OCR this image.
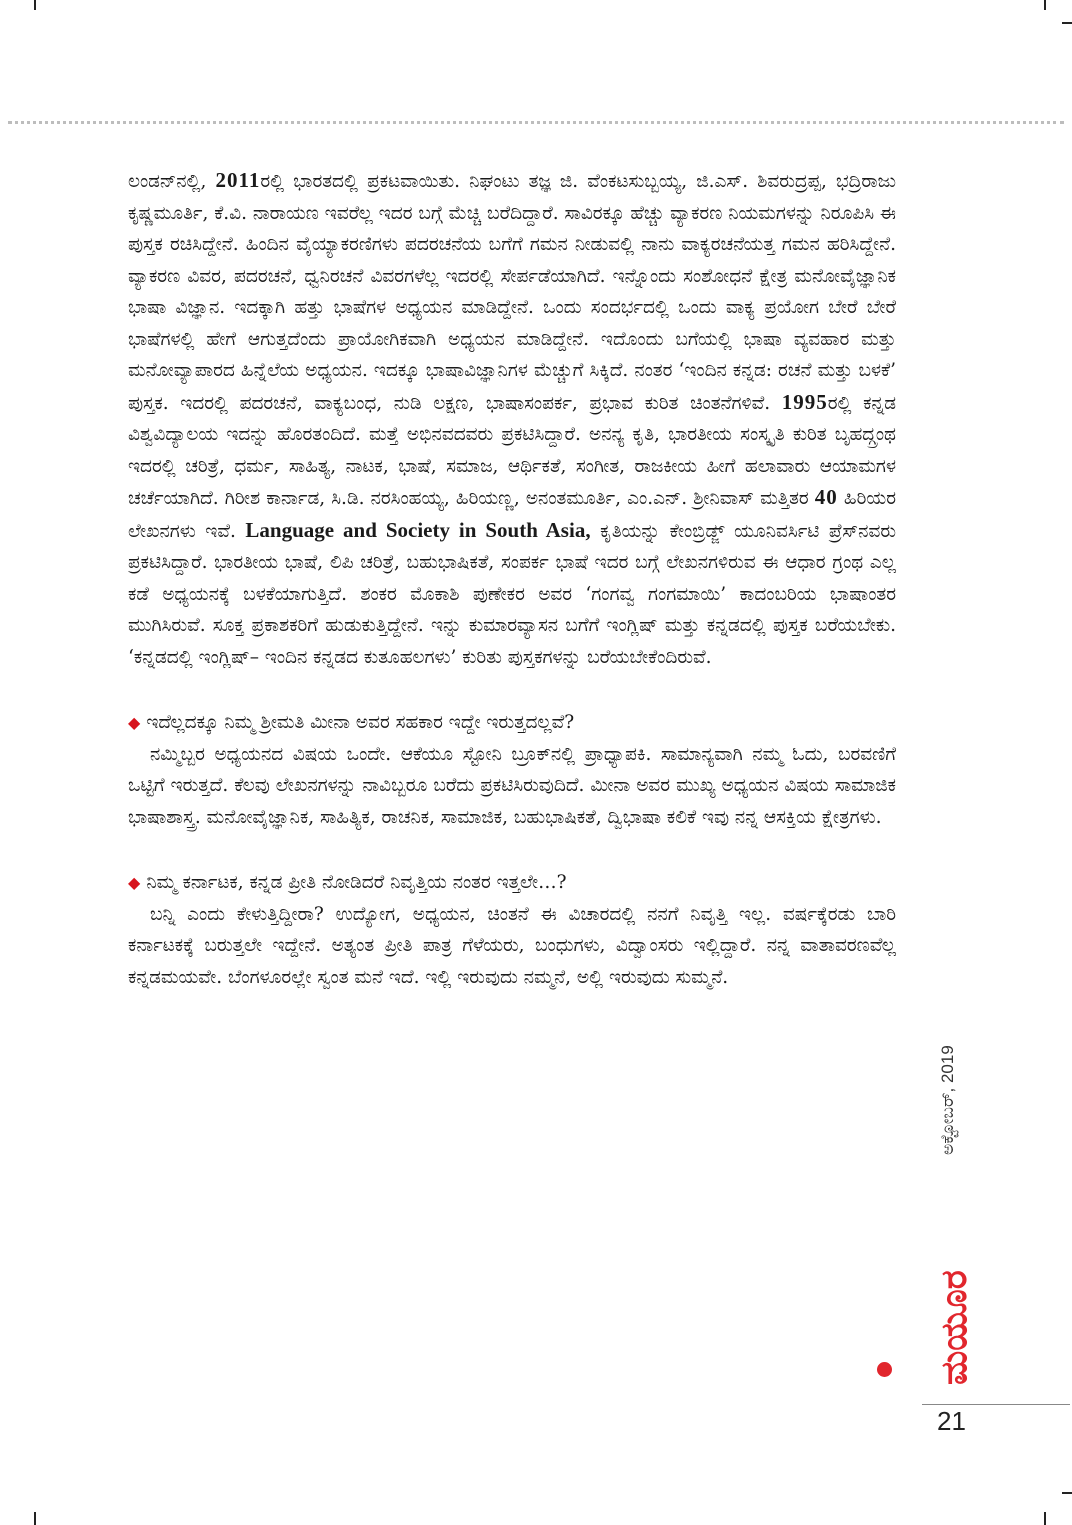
ಲಂಡನ್‌ನಲ್ಲಿ, 2011ರಲ್ಲಿ ಭಾರತದಲ್ಲಿ ಪ್ರಕಟವಾಯಿತು. ನಿಘಂಟು ತಜ್ಞ ಜಿ. ವೆಂಕಟಸುಬ್ಬಯ್ಯ, ಜಿ.ಎಸ್. ಶಿವರುದ್ರಪ್ಪ, ಭದ್ರಿರಾಜು ಕೃಷ್ಣಮೂರ್ತಿ, ಕೆ.ವಿ. ನಾರಾಯಣ ಇವರೆಲ್ಲ ಇದರ ಬಗ್ಗೆ ಮೆಚ್ಚಿ ಬರೆದಿದ್ದಾರೆ. ಸಾವಿರಕ್ಕೂ ಹೆಚ್ಚು ವ್ಯಾಕರಣ ನಿಯಮಗಳನ್ನು ನಿರೂಪಿಸಿ ಈ ಪುಸ್ತಕ ರಚಿಸಿದ್ದೇನೆ. ಹಿಂದಿನ ವೈಯ್ಯಾಕರಣಿಗಳು ಪದರಚನೆಯ ಬಗೆಗೆ ಗಮನ ನೀಡುವಲ್ಲಿ ನಾನು ವಾಕ್ಯರಚನೆಯತ್ತ ಗಮನ ಹರಿಸಿದ್ದೇನೆ. ವ್ಯಾಕರಣ ವಿವರ, ಪದರಚನೆ, ಧ್ವನಿರಚನೆ ವಿವರಗಳೆಲ್ಲ ಇದರಲ್ಲಿ ಸೇರ್ಪಡೆಯಾಗಿದೆ. ಇನ್ನೊಂದು ಸಂಶೋಧನೆ ಕ್ಷೇತ್ರ ಮನೋವೈಜ್ಞಾನಿಕ ಭಾಷಾ ವಿಜ್ಞಾನ. ಇದಕ್ಕಾಗಿ ಹತ್ತು ಭಾಷೆಗಳ ಅಧ್ಯಯನ ಮಾಡಿದ್ದೇನೆ. ಒಂದು ಸಂದರ್ಭದಲ್ಲಿ ಒಂದು ವಾಕ್ಯ ಪ್ರಯೋಗ ಬೇರೆ ಬೇರೆ ಭಾಷೆಗಳಲ್ಲಿ ಹೇಗೆ ಆಗುತ್ತದೆಂದು ಪ್ರಾಯೋಗಿಕವಾಗಿ ಅಧ್ಯಯನ ಮಾಡಿದ್ದೇನೆ. ಇದೊಂದು ಬಗೆಯಲ್ಲಿ ಭಾಷಾ ವ್ಯವಹಾರ ಮತ್ತು ಮನೋವ್ಯಾಪಾರದ ಹಿನ್ನೆಲೆಯ ಅಧ್ಯಯನ. ಇದಕ್ಕೂ ಭಾಷಾವಿಜ್ಞಾನಿಗಳ ಮೆಚ್ಚುಗೆ ಸಿಕ್ಕಿದೆ. ನಂತರ ‘ಇಂದಿನ ಕನ್ನಡ: ರಚನೆ ಮತ್ತು ಬಳಕೆ’ ಪುಸ್ತಕ. ಇದರಲ್ಲಿ ಪದರಚನೆ, ವಾಕ್ಯಬಂಧ, ನುಡಿ ಲಕ್ಷಣ, ಭಾಷಾಸಂಪರ್ಕ, ಪ್ರಭಾವ ಕುರಿತ ಚಿಂತನೆಗಳಿವೆ. 1995ರಲ್ಲಿ ಕನ್ನಡ ವಿಶ್ವವಿದ್ಯಾಲಯ ಇದನ್ನು ಹೊರತಂದಿದೆ. ಮತ್ತೆ ಅಭಿನವದವರು ಪ್ರಕಟಿಸಿದ್ದಾರೆ. ಅನನ್ಯ ಕೃತಿ, ಭಾರತೀಯ ಸಂಸ್ಕೃತಿ ಕುರಿತ ಬೃಹದ್ಗ್ರಂಥ ಇದರಲ್ಲಿ ಚರಿತ್ರೆ, ಧರ್ಮ, ಸಾಹಿತ್ಯ, ನಾಟಕ, ಭಾಷೆ, ಸಮಾಜ, ಆರ್ಥಿಕತೆ, ಸಂಗೀತ, ರಾಜಕೀಯ ಹೀಗೆ ಹಲಾವಾರು ಆಯಾಮಗಳ ಚರ್ಚೆಯಾಗಿದೆ. ಗಿರೀಶ ಕಾರ್ನಾಡ, ಸಿ.ಡಿ. ನರಸಿಂಹಯ್ಯ, ಹಿರಿಯಣ್ಣ, ಅನಂತಮೂರ್ತಿ, ಎಂ.ಎನ್. ಶ್ರೀನಿವಾಸ್ ಮತ್ತಿತರ 40 ಹಿರಿಯರ ಲೇಖನಗಳು ಇವೆ. Language and Society in South Asia, ಕೃತಿಯನ್ನು ಕೇಂಬ್ರಿಡ್ಜ್ ಯೂನಿವರ್ಸಿಟಿ ಪ್ರೆಸ್‌ನವರು ಪ್ರಕಟಿಸಿದ್ದಾರೆ. ಭಾರತೀಯ ಭಾಷೆ, ಲಿಪಿ ಚರಿತ್ರೆ, ಬಹುಭಾಷಿಕತೆ, ಸಂಪರ್ಕ ಭಾಷೆ ಇದರ ಬಗ್ಗೆ ಲೇಖನಗಳಿರುವ ಈ ಆಧಾರ ಗ್ರಂಥ ಎಲ್ಲ ಕಡೆ ಅಧ್ಯಯನಕ್ಕೆ ಬಳಕೆಯಾಗುತ್ತಿದೆ. ಶಂಕರ ಮೊಕಾಶಿ ಪುಣೇಕರ ಅವರ ‘ಗಂಗವ್ವ ಗಂಗಮಾಯಿ’ ಕಾದಂಬರಿಯ ಭಾಷಾಂತರ ಮುಗಿಸಿರುವೆ. ಸೂಕ್ತ ಪ್ರಕಾಶಕರಿಗೆ ಹುಡುಕುತ್ತಿದ್ದೇನೆ. ಇನ್ನು ಕುಮಾರವ್ಯಾಸನ ಬಗೆಗೆ ಇಂಗ್ಲಿಷ್ ಮತ್ತು ಕನ್ನಡದಲ್ಲಿ ಪುಸ್ತಕ ಬರೆಯಬೇಕು. ‘ಕನ್ನಡದಲ್ಲಿ ಇಂಗ್ಲಿಷ್– ಇಂದಿನ ಕನ್ನಡದ ಕುತೂಹಲಗಳು’ ಕುರಿತು ಪುಸ್ತಕಗಳನ್ನು ಬರೆಯಬೇಕೆಂದಿರುವೆ.

◆ ಇದೆಲ್ಲದಕ್ಕೂ ನಿಮ್ಮ ಶ್ರೀಮತಿ ಮೀನಾ ಅವರ ಸಹಕಾರ ಇದ್ದೇ ಇರುತ್ತದಲ್ಲವೆ?

ನಮ್ಮಿಬ್ಬರ ಅಧ್ಯಯನದ ವಿಷಯ ಒಂದೇ. ಆಕೆಯೂ ಸ್ಟೋನಿ ಬ್ರೂಕ್‌ನಲ್ಲಿ ಪ್ರಾಧ್ಯಾಪಕಿ. ಸಾಮಾನ್ಯವಾಗಿ ನಮ್ಮ ಓದು, ಬರವಣಿಗೆ ಒಟ್ಟಿಗೆ ಇರುತ್ತದೆ. ಕೆಲವು ಲೇಖನಗಳನ್ನು ನಾವಿಬ್ಬರೂ ಬರೆದು ಪ್ರಕಟಿಸಿರುವುದಿದೆ. ಮೀನಾ ಅವರ ಮುಖ್ಯ ಅಧ್ಯಯನ ವಿಷಯ ಸಾಮಾಜಿಕ ಭಾಷಾಶಾಸ್ತ್ರ. ಮನೋವೈಜ್ಞಾನಿಕ, ಸಾಹಿತ್ಯಿಕ, ರಾಚನಿಕ, ಸಾಮಾಜಿಕ, ಬಹುಭಾಷಿಕತೆ, ದ್ವಿಭಾಷಾ ಕಲಿಕೆ ಇವು ನನ್ನ ಆಸಕ್ತಿಯ ಕ್ಷೇತ್ರಗಳು.

◆ ನಿಮ್ಮ ಕರ್ನಾಟಕ, ಕನ್ನಡ ಪ್ರೀತಿ ನೋಡಿದರೆ ನಿವೃತ್ತಿಯ ನಂತರ ಇತ್ತಲೇ…?

ಬನ್ನಿ ಎಂದು ಕೇಳುತ್ತಿದ್ದೀರಾ? ಉದ್ಯೋಗ, ಅಧ್ಯಯನ, ಚಿಂತನೆ ಈ ವಿಚಾರದಲ್ಲಿ ನನಗೆ ನಿವೃತ್ತಿ ಇಲ್ಲ. ವರ್ಷಕ್ಕೆರಡು ಬಾರಿ ಕರ್ನಾಟಕಕ್ಕೆ ಬರುತ್ತಲೇ ಇದ್ದೇನೆ. ಅತ್ಯಂತ ಪ್ರೀತಿ ಪಾತ್ರ ಗೆಳೆಯರು, ಬಂಧುಗಳು, ವಿದ್ವಾಂಸರು ಇಲ್ಲಿದ್ದಾರೆ. ನನ್ನ ವಾತಾವರಣವೆಲ್ಲ ಕನ್ನಡಮಯವೇ. ಬೆಂಗಳೂರಲ್ಲೇ ಸ್ವಂತ ಮನೆ ಇದೆ. ಇಲ್ಲಿ ಇರುವುದು ನಮ್ಮನೆ, ಅಲ್ಲಿ ಇರುವುದು ಸುಮ್ಮನೆ.

ಅಕ್ಟೋಬರ್, 2019
ಮಯೂರ
21
